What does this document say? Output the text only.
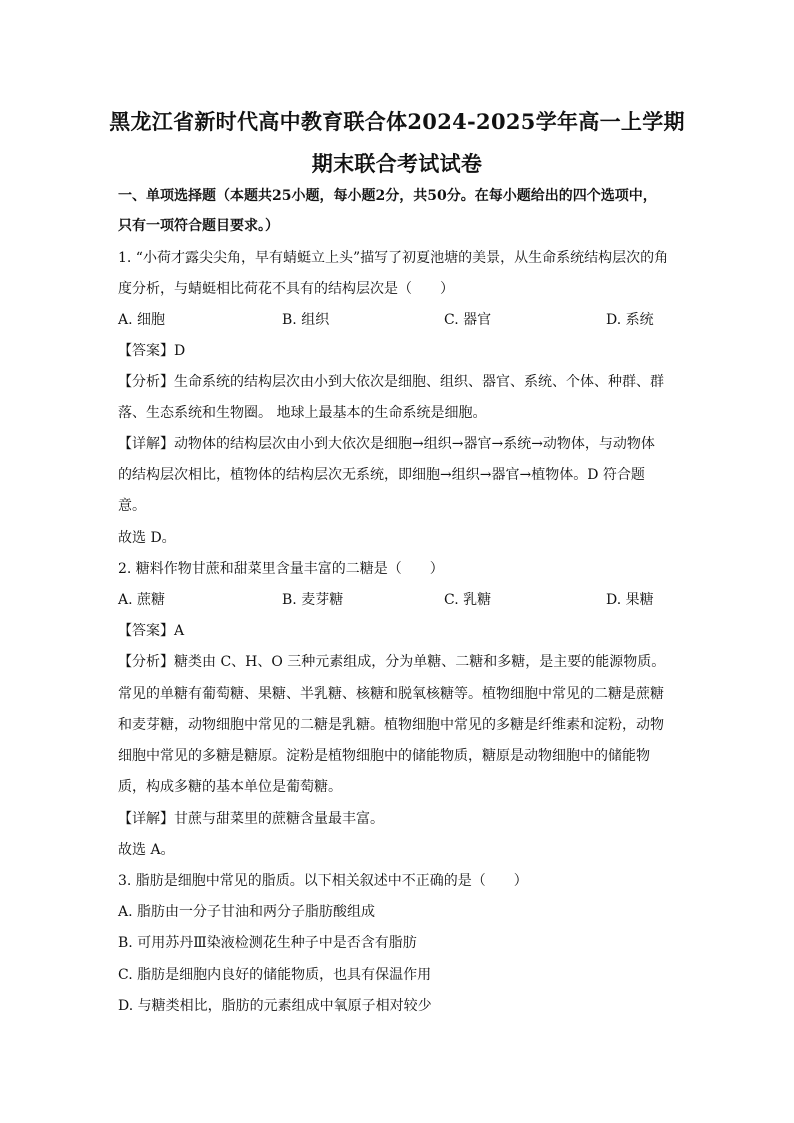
黑龙江省新时代高中教育联合体2024-2025学年高一上学期
期末联合考试试卷
一、单项选择题（本题共25小题，每小题2分，共50分。在每小题给出的四个选项中，
只有一项符合题目要求。）
1. “小荷才露尖尖角，早有蜻蜓立上头”描写了初夏池塘的美景，从生命系统结构层次的角
度分析，与蜻蜓相比荷花不具有的结构层次是（　　）
A. 细胞	B. 组织	C. 器官	D. 系统
【答案】D
【分析】生命系统的结构层次由小到大依次是细胞、组织、器官、系统、个体、种群、群
落、生态系统和生物圈。 地球上最基本的生命系统是细胞。
【详解】动物体的结构层次由小到大依次是细胞→组织→器官→系统→动物体，与动物体
的结构层次相比，植物体的结构层次无系统，即细胞→组织→器官→植物体。D 符合题
意。
故选 D。
2. 糖料作物甘蔗和甜菜里含量丰富的二糖是（　　）
A. 蔗糖	B. 麦芽糖	C. 乳糖	D. 果糖
【答案】A
【分析】糖类由 C、H、O 三种元素组成，分为单糖、二糖和多糖，是主要的能源物质。
常见的单糖有葡萄糖、果糖、半乳糖、核糖和脱氧核糖等。植物细胞中常见的二糖是蔗糖
和麦芽糖，动物细胞中常见的二糖是乳糖。植物细胞中常见的多糖是纤维素和淀粉，动物
细胞中常见的多糖是糖原。淀粉是植物细胞中的储能物质，糖原是动物细胞中的储能物
质，构成多糖的基本单位是葡萄糖。
【详解】甘蔗与甜菜里的蔗糖含量最丰富。
故选 A。
3. 脂肪是细胞中常见的脂质。以下相关叙述中不正确的是（　　）
A. 脂肪由一分子甘油和两分子脂肪酸组成
B. 可用苏丹Ⅲ染液检测花生种子中是否含有脂肪
C. 脂肪是细胞内良好的储能物质，也具有保温作用
D. 与糖类相比，脂肪的元素组成中氧原子相对较少
